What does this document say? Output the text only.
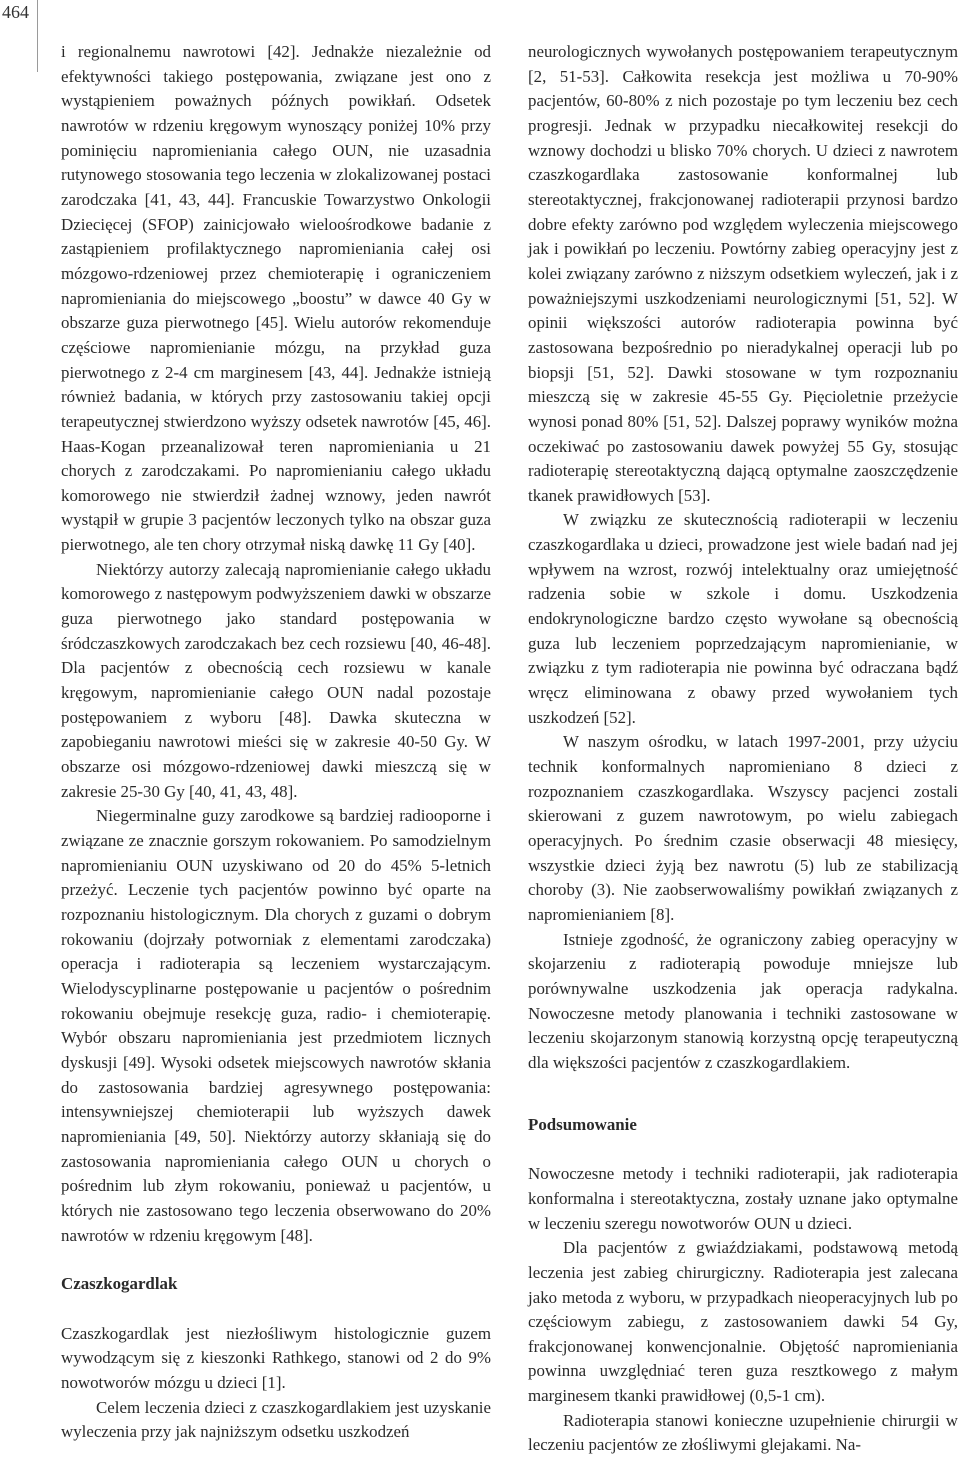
464

i regionalnemu nawrotowi [42]. Jednakże niezależnie od efektywności takiego postępowania, związane jest ono z wystąpieniem poważnych późnych powikłań. Odsetek nawrotów w rdzeniu kręgowym wynoszący poniżej 10% przy pominięciu napromieniania całego OUN, nie uzasadnia rutynowego stosowania tego leczenia w zlokalizowanej postaci zarodczaka [41, 43, 44]. Francuskie Towarzystwo Onkologii Dziecięcej (SFOP) zainicjowało wieloośrodkowe badanie z zastąpieniem profilaktycznego napromieniania całej osi mózgowo-rdzeniowej przez chemioterapię i ograniczeniem napromieniania do miejscowego „boostu” w dawce 40 Gy w obszarze guza pierwotnego [45]. Wielu autorów rekomenduje częściowe napromienianie mózgu, na przykład guza pierwotnego z 2-4 cm marginesem [43, 44]. Jednakże istnieją również badania, w których przy zastosowaniu takiej opcji terapeutycznej stwierdzono wyższy odsetek nawrotów [45, 46]. Haas-Kogan przeanalizował teren napromieniania u 21 chorych z zarodczakami. Po napromienianiu całego układu komorowego nie stwierdził żadnej wznowy, jeden nawrót wystąpił w grupie 3 pacjentów leczonych tylko na obszar guza pierwotnego, ale ten chory otrzymał niską dawkę 11 Gy [40].

Niektórzy autorzy zalecają napromienianie całego układu komorowego z następowym podwyższeniem dawki w obszarze guza pierwotnego jako standard postępowania w śródczaszkowych zarodczakach bez cech rozsiewu [40, 46-48]. Dla pacjentów z obecnością cech rozsiewu w kanale kręgowym, napromienianie całego OUN nadal pozostaje postępowaniem z wyboru [48]. Dawka skuteczna w zapobieganiu nawrotowi mieści się w zakresie 40-50 Gy. W obszarze osi mózgowo-rdzeniowej dawki mieszczą się w zakresie 25-30 Gy [40, 41, 43, 48].

Niegerminalne guzy zarodkowe są bardziej radiooporne i związane ze znacznie gorszym rokowaniem. Po samodzielnym napromienianiu OUN uzyskiwano od 20 do 45% 5-letnich przeżyć. Leczenie tych pacjentów powinno być oparte na rozpoznaniu histologicznym. Dla chorych z guzami o dobrym rokowaniu (dojrzały potworniak z elementami zarodczaka) operacja i radioterapia są leczeniem wystarczającym. Wielodyscyplinarne postępowanie u pacjentów o pośrednim rokowaniu obejmuje resekcję guza, radio- i chemioterapię. Wybór obszaru napromieniania jest przedmiotem licznych dyskusji [49]. Wysoki odsetek miejscowych nawrotów skłania do zastosowania bardziej agresywnego postępowania: intensywniejszej chemioterapii lub wyższych dawek napromieniania [49, 50]. Niektórzy autorzy skłaniają się do zastosowania napromieniania całego OUN u chorych o pośrednim lub złym rokowaniu, ponieważ u pacjentów, u których nie zastosowano tego leczenia obserwowano do 20% nawrotów w rdzeniu kręgowym [48].

Czaszkogardlak

Czaszkogardlak jest niezłośliwym histologicznie guzem wywodzącym się z kieszonki Rathkego, stanowi od 2 do 9% nowotworów mózgu u dzieci [1].

Celem leczenia dzieci z czaszkogardlakiem jest uzyskanie wyleczenia przy jak najniższym odsetku uszkodzeń

neurologicznych wywołanych postępowaniem terapeutycznym [2, 51-53]. Całkowita resekcja jest możliwa u 70-90% pacjentów, 60-80% z nich pozostaje po tym leczeniu bez cech progresji. Jednak w przypadku niecałkowitej resekcji do wznowy dochodzi u blisko 70% chorych. U dzieci z nawrotem czaszkogardlaka zastosowanie konformalnej lub stereotaktycznej, frakcjonowanej radioterapii przynosi bardzo dobre efekty zarówno pod względem wyleczenia miejscowego jak i powikłań po leczeniu. Powtórny zabieg operacyjny jest z kolei związany zarówno z niższym odsetkiem wyleczeń, jak i z poważniejszymi uszkodzeniami neurologicznymi [51, 52]. W opinii większości autorów radioterapia powinna być zastosowana bezpośrednio po nieradykalnej operacji lub po biopsji [51, 52]. Dawki stosowane w tym rozpoznaniu mieszczą się w zakresie 45-55 Gy. Pięcioletnie przeżycie wynosi ponad 80% [51, 52]. Dalszej poprawy wyników można oczekiwać po zastosowaniu dawek powyżej 55 Gy, stosując radioterapię stereotaktyczną dającą optymalne zaoszczędzenie tkanek prawidłowych [53].

W związku ze skutecznością radioterapii w leczeniu czaszkogardlaka u dzieci, prowadzone jest wiele badań nad jej wpływem na wzrost, rozwój intelektualny oraz umiejętność radzenia sobie w szkole i domu. Uszkodzenia endokrynologiczne bardzo często wywołane są obecnością guza lub leczeniem poprzedzającym napromienianie, w związku z tym radioterapia nie powinna być odraczana bądź wręcz eliminowana z obawy przed wywołaniem tych uszkodzeń [52].

W naszym ośrodku, w latach 1997-2001, przy użyciu technik konformalnych napromieniano 8 dzieci z rozpoznaniem czaszkogardlaka. Wszyscy pacjenci zostali skierowani z guzem nawrotowym, po wielu zabiegach operacyjnych. Po średnim czasie obserwacji 48 miesięcy, wszystkie dzieci żyją bez nawrotu (5) lub ze stabilizacją choroby (3). Nie zaobserwowaliśmy powikłań związanych z napromienianiem [8].

Istnieje zgodność, że ograniczony zabieg operacyjny w skojarzeniu z radioterapią powoduje mniejsze lub porównywalne uszkodzenia jak operacja radykalna. Nowoczesne metody planowania i techniki zastosowane w leczeniu skojarzonym stanowią korzystną opcję terapeutyczną dla większości pacjentów z czaszkogardlakiem.

Podsumowanie

Nowoczesne metody i techniki radioterapii, jak radioterapia konformalna i stereotaktyczna, zostały uznane jako optymalne w leczeniu szeregu nowotworów OUN u dzieci.

Dla pacjentów z gwiaździakami, podstawową metodą leczenia jest zabieg chirurgiczny. Radioterapia jest zalecana jako metoda z wyboru, w przypadkach nieoperacyjnych lub po częściowym zabiegu, z zastosowaniem dawki 54 Gy, frakcjonowanej konwencjonalnie. Objętość napromieniania powinna uwzględniać teren guza resztkowego z małym marginesem tkanki prawidłowej (0,5-1 cm).

Radioterapia stanowi konieczne uzupełnienie chirurgii w leczeniu pacjentów ze złośliwymi glejakami. Na-
